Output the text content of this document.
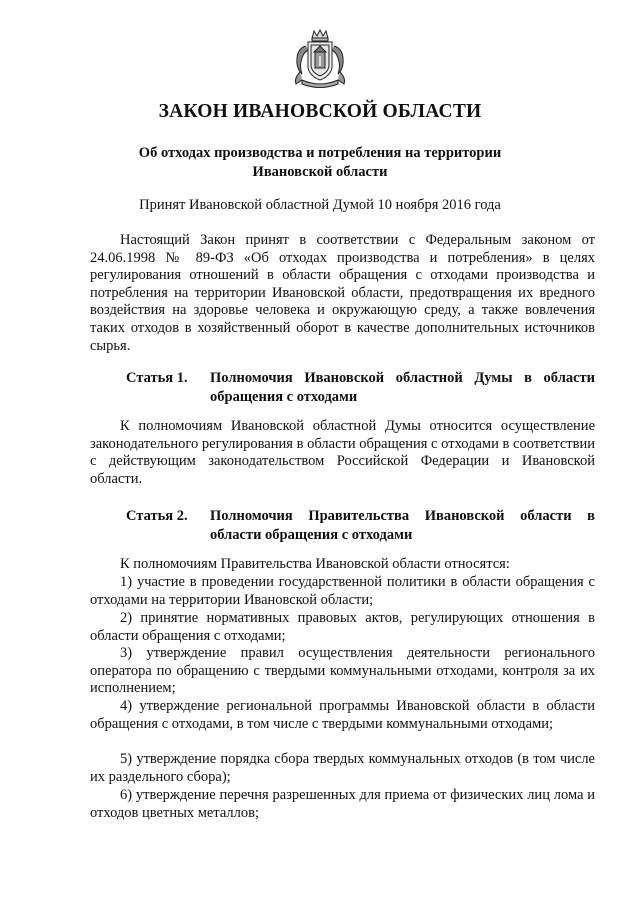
ЗАКОН ИВАНОВСКОЙ ОБЛАСТИ
Об отходах производства и потребления на территории
Ивановской области
Принят Ивановской областной Думой 10 ноября 2016 года

Настоящий Закон принят в соответствии с Федеральным законом от 24.06.1998 № 89-ФЗ «Об отходах производства и потребления» в целях регулирования отношений в области обращения с отходами производства и потребления на территории Ивановской области, предотвращения их вредного воздействия на здоровье человека и окружающую среду, а также вовлечения таких отходов в хозяйственный оборот в качестве дополнительных источников сырья.

Статья 1.	Полномочия Ивановской областной Думы в области обращения с отходами

К полномочиям Ивановской областной Думы относится осуществление законодательного регулирования в области обращения с отходами в соответствии с действующим законодательством Российской Федерации и Ивановской области.

Статья 2.	Полномочия Правительства Ивановской области в области обращения с отходами

К полномочиям Правительства Ивановской области относятся:

1) участие в проведении государственной политики в области обращения с отходами на территории Ивановской области;

2) принятие нормативных правовых актов, регулирующих отношения в области обращения с отходами;

3) утверждение правил осуществления деятельности регионального оператора по обращению с твердыми коммунальными отходами, контроля за их исполнением;

4) утверждение региональной программы Ивановской области в области обращения с отходами, в том числе с твердыми коммунальными отходами;

5) утверждение порядка сбора твердых коммунальных отходов (в том числе их раздельного сбора);

6) утверждение перечня разрешенных для приема от физических лиц лома и отходов цветных металлов;
